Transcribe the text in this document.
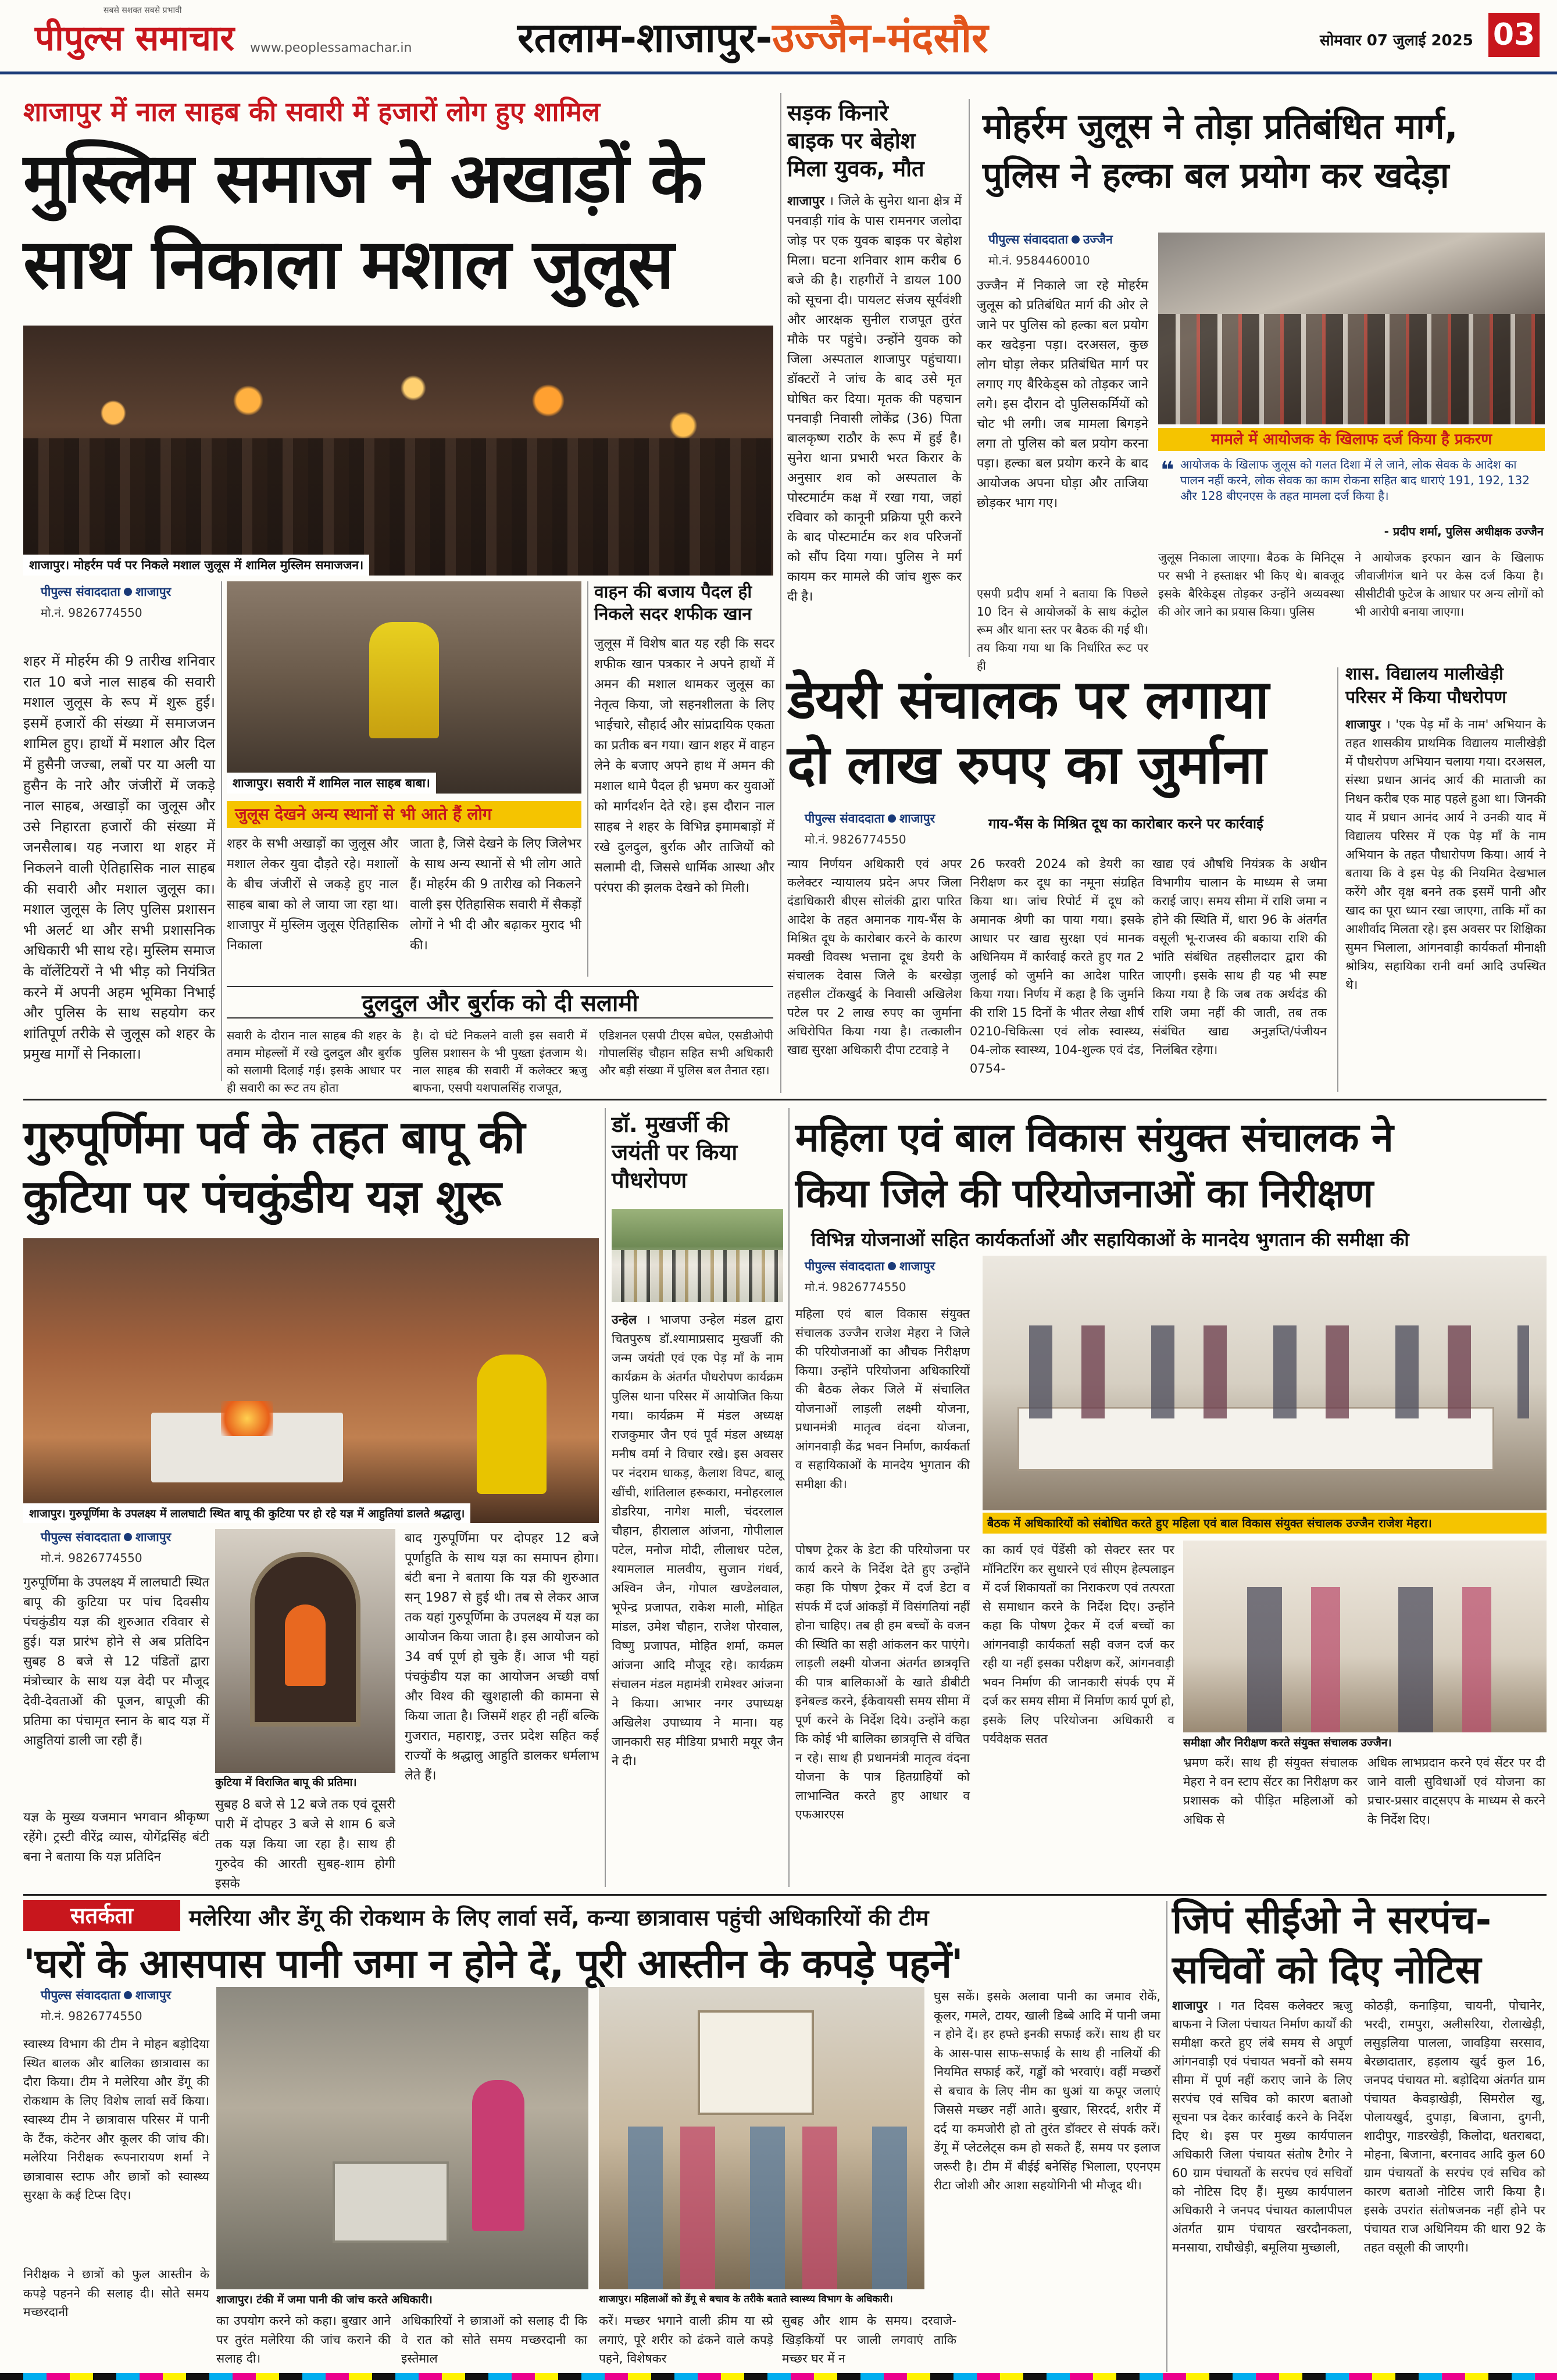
सबसे सशक्त सबसे प्रभावी
पीपुल्स समाचार www.peoplessamachar.in	रतलाम-शाजापुर-उज्जैन-मंदसौर	सोमवार 07 जुलाई 2025 03
शाजापुर में नाल साहब की सवारी में हजारों लोग हुए शामिल
मुस्लिम समाज ने अखाड़ों के
साथ निकाला मशाल जुलूस
शाजापुर। मोहर्रम पर्व पर निकले मशाल जुलूस में शामिल मुस्लिम समाजजन।
पीपुल्स संवाददाता शाजापुर
मो.नं. 9826774550
शहर में मोहर्रम की 9 तारीख शनिवार रात 10 बजे नाल साहब की सवारी मशाल जुलूस के रूप में शुरू हुई। इसमें हजारों की संख्या में समाजजन शामिल हुए। हाथों में मशाल और दिल में हुसैनी जज्बा, लबों पर या अली या हुसैन के नारे और जंजीरों में जकड़े नाल साहब, अखाड़ों का जुलूस और उसे निहारता हजारों की संख्या में जनसैलाब। यह नजारा था शहर में निकलने वाली ऐतिहासिक नाल साहब की सवारी और मशाल जुलूस का। मशाल जुलूस के लिए पुलिस प्रशासन भी अलर्ट था और सभी प्रशासनिक अधिकारी भी साथ रहे। मुस्लिम समाज के वॉलेंटियरों ने भी भीड़ को नियंत्रित करने में अपनी अहम भूमिका निभाई और पुलिस के साथ सहयोग कर शांतिपूर्ण तरीके से जुलूस को शहर के प्रमुख मार्गों से निकाला।
शाजापुर। सवारी में शामिल नाल साहब बाबा।
जुलूस देखने अन्य स्थानों से भी आते हैं लोग
शहर के सभी अखाड़ों का जुलूस और मशाल लेकर युवा दौड़ते रहे। मशालों के बीच जंजीरों से जकड़े हुए नाल साहब बाबा को ले जाया जा रहा था। शाजापुर में मुस्लिम जुलूस ऐतिहासिक निकाला
जाता है, जिसे देखने के लिए जिलेभर के साथ अन्य स्थानों से भी लोग आते हैं। मोहर्रम की 9 तारीख को निकलने वाली इस ऐतिहासिक सवारी में सैकड़ों लोगों ने भी दी और बढ़ाकर मुराद भी की।
वाहन की बजाय पैदल ही निकले सदर शफीक खान
जुलूस में विशेष बात यह रही कि सदर शफीक खान पत्रकार ने अपने हाथों में अमन की मशाल थामकर जुलूस का नेतृत्व किया, जो सहनशीलता के लिए भाईचारे, सौहार्द और सांप्रदायिक एकता का प्रतीक बन गया। खान शहर में वाहन लेने के बजाए अपने हाथ में अमन की मशाल थामे पैदल ही भ्रमण कर युवाओं को मार्गदर्शन देते रहे। इस दौरान नाल साहब ने शहर के विभिन्न इमामबाड़ों में रखे दुलदुल, बुर्राक और ताजियों को सलामी दी, जिससे धार्मिक आस्था और परंपरा की झलक देखने को मिली।
दुलदुल और बुर्राक को दी सलामी
सवारी के दौरान नाल साहब की शहर के तमाम मोहल्लों में रखे दुलदुल और बुर्राक को सलामी दिलाई गई। इसके आधार पर ही सवारी का रूट तय होता
है। दो घंटे निकलने वाली इस सवारी में पुलिस प्रशासन के भी पुख्ता इंतजाम थे। नाल साहब की सवारी में कलेक्टर ऋजु बाफना, एसपी यशपालसिंह राजपूत,
एडिशनल एसपी टीएस बघेल, एसडीओपी गोपालसिंह चौहान सहित सभी अधिकारी और बड़ी संख्या में पुलिस बल तैनात रहा।
सड़क किनारे
बाइक पर बेहोश
मिला युवक, मौत
शाजापुर । जिले के सुनेरा थाना क्षेत्र में पनवाड़ी गांव के पास रामनगर जलोदा जोड़ पर एक युवक बाइक पर बेहोश मिला। घटना शनिवार शाम करीब 6 बजे की है। राहगीरों ने डायल 100 को सूचना दी। पायलट संजय सूर्यवंशी और आरक्षक सुनील राजपूत तुरंत मौके पर पहुंचे। उन्होंने युवक को जिला अस्पताल शाजापुर पहुंचाया। डॉक्टरों ने जांच के बाद उसे मृत घोषित कर दिया। मृतक की पहचान पनवाड़ी निवासी लोकेंद्र (36) पिता बालकृष्ण राठौर के रूप में हुई है। सुनेरा थाना प्रभारी भरत किरार के अनुसार शव को अस्पताल के पोस्टमार्टम कक्ष में रखा गया, जहां रविवार को कानूनी प्रक्रिया पूरी करने के बाद पोस्टमार्टम कर शव परिजनों को सौंप दिया गया। पुलिस ने मर्ग कायम कर मामले की जांच शुरू कर दी है।
मोहर्रम जुलूस ने तोड़ा प्रतिबंधित मार्ग,
पुलिस ने हल्का बल प्रयोग कर खदेड़ा
पीपुल्स संवाददाता उज्जैन
मो.नं. 9584460010
उज्जैन में निकाले जा रहे मोहर्रम जुलूस को प्रतिबंधित मार्ग की ओर ले जाने पर पुलिस को हल्का बल प्रयोग कर खदेड़ना पड़ा। दरअसल, कुछ लोग घोड़ा लेकर प्रतिबंधित मार्ग पर लगाए गए बैरिकेड्स को तोड़कर जाने लगे। इस दौरान दो पुलिसकर्मियों को चोट भी लगी। जब मामला बिगड़ने लगा तो पुलिस को बल प्रयोग करना पड़ा। हल्का बल प्रयोग करने के बाद आयोजक अपना घोड़ा और ताजिया छोड़कर भाग गए।
एसपी प्रदीप शर्मा ने बताया कि पिछले 10 दिन से आयोजकों के साथ कंट्रोल रूम और थाना स्तर पर बैठक की गई थी। तय किया गया था कि निर्धारित रूट पर ही
मामले में आयोजक के खिलाफ दर्ज किया है प्रकरण
❝ आयोजक के खिलाफ जुलूस को गलत दिशा में ले जाने, लोक सेवक के आदेश का पालन नहीं करने, लोक सेवक का काम रोकना सहित बाद धाराएं 191, 192, 132 और 128 बीएनएस के तहत मामला दर्ज किया है।
- प्रदीप शर्मा, पुलिस अधीक्षक उज्जैन
जुलूस निकाला जाएगा। बैठक के मिनिट्स पर सभी ने हस्ताक्षर भी किए थे। बावजूद इसके बैरिकेड्स तोड़कर उन्होंने अव्यवस्था की ओर जाने का प्रयास किया। पुलिस
ने आयोजक इरफान खान के खिलाफ जीवाजीगंज थाने पर केस दर्ज किया है। सीसीटीवी फुटेज के आधार पर अन्य लोगों को भी आरोपी बनाया जाएगा।
डेयरी संचालक पर लगाया
दो लाख रुपए का जुर्माना
पीपुल्स संवाददाता शाजापुर
मो.नं. 9826774550
गाय-भैंस के मिश्रित दूध का कारोबार करने पर कार्रवाई
न्याय निर्णयन अधिकारी एवं अपर कलेक्टर न्यायालय प्रदेन अपर जिला दंडाधिकारी बीएस सोलंकी द्वारा पारित आदेश के तहत अमानक गाय-भैंस के मिश्रित दूध के कारोबार करने के कारण मक्खी विवस्थ भत्ताना दूध डेयरी के संचालक देवास जिले के बरखेड़ा तहसील टोंकखुर्द के निवासी अखिलेश पटेल पर 2 लाख रुपए का जुर्माना अधिरोपित किया गया है। तत्कालीन खाद्य सुरक्षा अधिकारी दीपा टटवाड़े ने
26 फरवरी 2024 को डेयरी का निरीक्षण कर दूध का नमूना संग्रहित किया था। जांच रिपोर्ट में दूध को अमानक श्रेणी का पाया गया। इसके आधार पर खाद्य सुरक्षा एवं मानक अधिनियम में कार्रवाई करते हुए गत 2 जुलाई को जुर्माने का आदेश पारित किया गया। निर्णय में कहा है कि जुर्माने की राशि 15 दिनों के भीतर लेखा शीर्ष 0210-चिकित्सा एवं लोक स्वास्थ्य, 04-लोक स्वास्थ्य, 104-शुल्क एवं दंड, 0754-
खाद्य एवं औषधि नियंत्रक के अधीन विभागीय चालान के माध्यम से जमा कराई जाए। समय सीमा में राशि जमा न होने की स्थिति में, धारा 96 के अंतर्गत वसूली भू-राजस्व की बकाया राशि की भांति संबंधित तहसीलदार द्वारा की जाएगी। इसके साथ ही यह भी स्पष्ट किया गया है कि जब तक अर्थदंड की राशि जमा नहीं की जाती, तब तक संबंधित खाद्य अनुज्ञप्ति/पंजीयन निलंबित रहेगा।
शास. विद्यालय मालीखेड़ी
परिसर में किया पौधरोपण
शाजापुर । 'एक पेड़ माँ के नाम' अभियान के तहत शासकीय प्राथमिक विद्यालय मालीखेड़ी में पौधरोपण अभियान चलाया गया। दरअसल, संस्था प्रधान आनंद आर्य की माताजी का निधन करीब एक माह पहले हुआ था। जिनकी याद में प्रधान आनंद आर्य ने उनकी याद में विद्यालय परिसर में एक पेड़ माँ के नाम अभियान के तहत पौधारोपण किया। आर्य ने बताया कि वे इस पेड़ की नियमित देखभाल करेंगे और वृक्ष बनने तक इसमें पानी और खाद का पूरा ध्यान रखा जाएगा, ताकि माँ का आशीर्वाद मिलता रहे। इस अवसर पर शिक्षिका सुमन भिलाला, आंगनवाड़ी कार्यकर्ता मीनाक्षी श्रोत्रिय, सहायिका रानी वर्मा आदि उपस्थित थे।
गुरुपूर्णिमा पर्व के तहत बापू की
कुटिया पर पंचकुंडीय यज्ञ शुरू
शाजापुर। गुरुपूर्णिमा के उपलक्ष्य में लालघाटी स्थित बापू की कुटिया पर हो रहे यज्ञ में आहुतियां डालते श्रद्धालु।
पीपुल्स संवाददाता शाजापुर
मो.नं. 9826774550
गुरुपूर्णिमा के उपलक्ष्य में लालघाटी स्थित बापू की कुटिया पर पांच दिवसीय पंचकुंडीय यज्ञ की शुरुआत रविवार से हुई। यज्ञ प्रारंभ होने से अब प्रतिदिन सुबह 8 बजे से 12 पंडितों द्वारा मंत्रोच्चार के साथ यज्ञ वेदी पर मौजूद देवी-देवताओं की पूजन, बापूजी की प्रतिमा का पंचामृत स्नान के बाद यज्ञ में आहुतियां डाली जा रही हैं।
यज्ञ के मुख्य यजमान भगवान श्रीकृष्ण रहेंगे। ट्रस्टी वीरेंद्र व्यास, योगेंद्रसिंह बंटी बना ने बताया कि यज्ञ प्रतिदिन
कुटिया में विराजित बापू की प्रतिमा।
सुबह 8 बजे से 12 बजे तक एवं दूसरी पारी में दोपहर 3 बजे से शाम 6 बजे तक यज्ञ किया जा रहा है। साथ ही गुरुदेव की आरती सुबह-शाम होगी इसके
बाद गुरुपूर्णिमा पर दोपहर 12 बजे पूर्णाहुति के साथ यज्ञ का समापन होगा। बंटी बना ने बताया कि यज्ञ की शुरुआत सन् 1987 से हुई थी। तब से लेकर आज तक यहां गुरुपूर्णिमा के उपलक्ष्य में यज्ञ का आयोजन किया जाता है। इस आयोजन को 34 वर्ष पूर्ण हो चुके हैं। आज भी यहां पंचकुंडीय यज्ञ का आयोजन अच्छी वर्षा और विश्व की खुशहाली की कामना से किया जाता है। जिसमें शहर ही नहीं बल्कि गुजरात, महाराष्ट्र, उत्तर प्रदेश सहित कई राज्यों के श्रद्धालु आहुति डालकर धर्मलाभ लेते हैं।
डॉ. मुखर्जी की
जयंती पर किया
पौधरोपण
उन्हेल । भाजपा उन्हेल मंडल द्वारा चितपुरुष डॉ.श्यामाप्रसाद मुखर्जी की जन्म जयंती एवं एक पेड़ माँ के नाम कार्यक्रम के अंतर्गत पौधरोपण कार्यक्रम पुलिस थाना परिसर में आयोजित किया गया। कार्यक्रम में मंडल अध्यक्ष राजकुमार जैन एवं पूर्व मंडल अध्यक्ष मनीष वर्मा ने विचार रखे। इस अवसर पर नंदराम धाकड़, कैलाश विपट, बालू खींची, शांतिलाल हरूकारा, मनोहरलाल डोडरिया, नागेश माली, चंदरलाल चौहान, हीरालाल आंजना, गोपीलाल पटेल, मनोज मोदी, लीलाधर पटेल, श्यामलाल मालवीय, सुजान गंधर्व, अश्विन जैन, गोपाल खण्डेलवाल, भूपेन्द्र प्रजापत, राकेश माली, मोहित मांडल, उमेश चौहान, राजेश पोरवाल, विष्णु प्रजापत, मोहित शर्मा, कमल आंजना आदि मौजूद रहे। कार्यक्रम संचालन मंडल महामंत्री रामेश्वर आंजना ने किया। आभार नगर उपाध्यक्ष अखिलेश उपाध्याय ने माना। यह जानकारी सह मीडिया प्रभारी मयूर जैन ने दी।
महिला एवं बाल विकास संयुक्त संचालक ने
किया जिले की परियोजनाओं का निरीक्षण
विभिन्न योजनाओं सहित कार्यकर्ताओं और सहायिकाओं के मानदेय भुगतान की समीक्षा की
पीपुल्स संवाददाता शाजापुर
मो.नं. 9826774550
महिला एवं बाल विकास संयुक्त संचालक उज्जैन राजेश मेहरा ने जिले की परियोजनाओं का औचक निरीक्षण किया। उन्होंने परियोजना अधिकारियों की बैठक लेकर जिले में संचालित योजनाओं लाड़ली लक्ष्मी योजना, प्रधानमंत्री मातृत्व वंदना योजना, आंगनवाड़ी केंद्र भवन निर्माण, कार्यकर्ता व सहायिकाओं के मानदेय भुगतान की समीक्षा की।
बैठक में अधिकारियों को संबोधित करते हुए महिला एवं बाल विकास संयुक्त संचालक उज्जैन राजेश मेहरा।
पोषण ट्रेकर के डेटा की परियोजना पर कार्य करने के निर्देश देते हुए उन्होंने कहा कि पोषण ट्रेकर में दर्ज डेटा व संपर्क में दर्ज आंकड़ों में विसंगतियां नहीं होना चाहिए। तब ही हम बच्चों के वजन की स्थिति का सही आंकलन कर पाएंगे। लाड़ली लक्ष्मी योजना अंतर्गत छात्रवृत्ति की पात्र बालिकाओं के खाते डीबीटी इनेबल्ड करने, ईकेवायसी समय सीमा में पूर्ण करने के निर्देश दिये। उन्होंने कहा कि कोई भी बालिका छात्रवृत्ति से वंचित न रहे। साथ ही प्रधानमंत्री मातृत्व वंदना योजना के पात्र हितग्राहियों को लाभान्वित करते हुए आधार व एफआरएस
का कार्य एवं पेंडेंसी को सेक्टर स्तर पर मॉनिटरिंग कर सुधारने एवं सीएम हेल्पलाइन में दर्ज शिकायतों का निराकरण एवं तत्परता से समाधान करने के निर्देश दिए। उन्होंने कहा कि पोषण ट्रेकर में दर्ज बच्चों का आंगनवाड़ी कार्यकर्ता सही वजन दर्ज कर रही या नहीं इसका परीक्षण करें, आंगनवाड़ी भवन निर्माण की जानकारी संपर्क एप में दर्ज कर समय सीमा में निर्माण कार्य पूर्ण हो, इसके लिए परियोजना अधिकारी व पर्यवेक्षक सतत	समीक्षा और निरीक्षण करते संयुक्त संचालक उज्जैन।
भ्रमण करें। साथ ही संयुक्त संचालक मेहरा ने वन स्टाप सेंटर का निरीक्षण कर प्रशासक को पीड़ित महिलाओं को अधिक से
अधिक लाभप्रदान करने एवं सेंटर पर दी जाने वाली सुविधाओं एवं योजना का प्रचार-प्रसार वाट्सएप के माध्यम से करने के निर्देश दिए।
सतर्कता	मलेरिया और डेंगू की रोकथाम के लिए लार्वा सर्वे, कन्या छात्रावास पहुंची अधिकारियों की टीम
'घरों के आसपास पानी जमा न होने दें, पूरी आस्तीन के कपड़े पहनें'
पीपुल्स संवाददाता शाजापुर
मो.नं. 9826774550
स्वास्थ्य विभाग की टीम ने मोहन बड़ोदिया स्थित बालक और बालिका छात्रावास का दौरा किया। टीम ने मलेरिया और डेंगू की रोकथाम के लिए विशेष लार्वा सर्वे किया। स्वास्थ्य टीम ने छात्रावास परिसर में पानी के टैंक, कंटेनर और कूलर की जांच की। मलेरिया निरीक्षक रूपनारायण शर्मा ने छात्रावास स्टाफ और छात्रों को स्वास्थ्य सुरक्षा के कई टिप्स दिए।
निरीक्षक ने छात्रों को फुल आस्तीन के कपड़े पहनने की सलाह दी। सोते समय मच्छरदानी
शाजापुर। टंकी में जमा पानी की जांच करते अधिकारी।
का उपयोग करने को कहा। बुखार आने पर तुरंत मलेरिया की जांच कराने की सलाह दी।
अधिकारियों ने छात्राओं को सलाह दी कि वे रात को सोते समय मच्छरदानी का इस्तेमाल
शाजापुर। महिलाओं को डेंगू से बचाव के तरीके बताते स्वास्थ्य विभाग के अधिकारी।
करें। मच्छर भगाने वाली क्रीम या स्प्रे लगाएं, पूरे शरीर को ढंकने वाले कपड़े पहने, विशेषकर
सुबह और शाम के समय। दरवाजे-खिड़कियों पर जाली लगवाएं ताकि मच्छर घर में न
घुस सकें। इसके अलावा पानी का जमाव रोकें, कूलर, गमले, टायर, खाली डिब्बे आदि में पानी जमा न होने दें। हर हफ्ते इनकी सफाई करें। साथ ही घर के आस-पास साफ-सफाई के साथ ही नालियों की नियमित सफाई करें, गड्ढों को भरवाएं। वहीं मच्छरों से बचाव के लिए नीम का धुआं या कपूर जलाएं जिससे मच्छर नहीं आते। बुखार, सिरदर्द, शरीर में दर्द या कमजोरी हो तो तुरंत डॉक्टर से संपर्क करें। डेंगू में प्लेटलेट्स कम हो सकते हैं, समय पर इलाज जरूरी है। टीम में बीईई बनेसिंह भिलाला, एएनएम रीटा जोशी और आशा सहयोगिनी भी मौजूद थी।
जिपं सीईओ ने सरपंच-
सचिवों को दिए नोटिस
शाजापुर । गत दिवस कलेक्टर ऋजु बाफना ने जिला पंचायत निर्माण कार्यों की समीक्षा करते हुए लंबे समय से अपूर्ण आंगनवाड़ी एवं पंचायत भवनों को समय सीमा में पूर्ण नहीं कराए जाने के लिए सरपंच एवं सचिव को कारण बताओ सूचना पत्र देकर कार्रवाई करने के निर्देश दिए थे। इस पर मुख्य कार्यपालन अधिकारी जिला पंचायत संतोष टैगोर ने 60 ग्राम पंचायतों के सरपंच एवं सचिवों को नोटिस दिए हैं। मुख्य कार्यपालन अधिकारी ने जनपद पंचायत कालापीपल अंतर्गत ग्राम पंचायत खरदौनकला, मनसाया, राघौखेड़ी, बमूलिया मुच्छाली,
कोठड़ी, कनाड़िया, चायनी, पोचानेर, भरदी, रामपुरा, अलीसरिया, रोलाखेड़ी, लसुड़लिया पालला, जावड़िया सरसाव, बेरछादातार, हड़लाय खुर्द कुल 16, जनपद पंचायत मो. बड़ोदिया अंतर्गत ग्राम पंचायत केवड़ाखेड़ी, सिमरोल खु, पोलायखुर्द, दुपाड़ा, बिजाना, दुगनी, शादीपुर, गाडरखेड़ी, किलोदा, धतराबदा, मोहना, बिजाना, बरनावद आदि कुल 60 ग्राम पंचायतों के सरपंच एवं सचिव को कारण बताओ नोटिस जारी किया है। इसके उपरांत संतोषजनक नहीं होने पर पंचायत राज अधिनियम की धारा 92 के तहत वसूली की जाएगी।
